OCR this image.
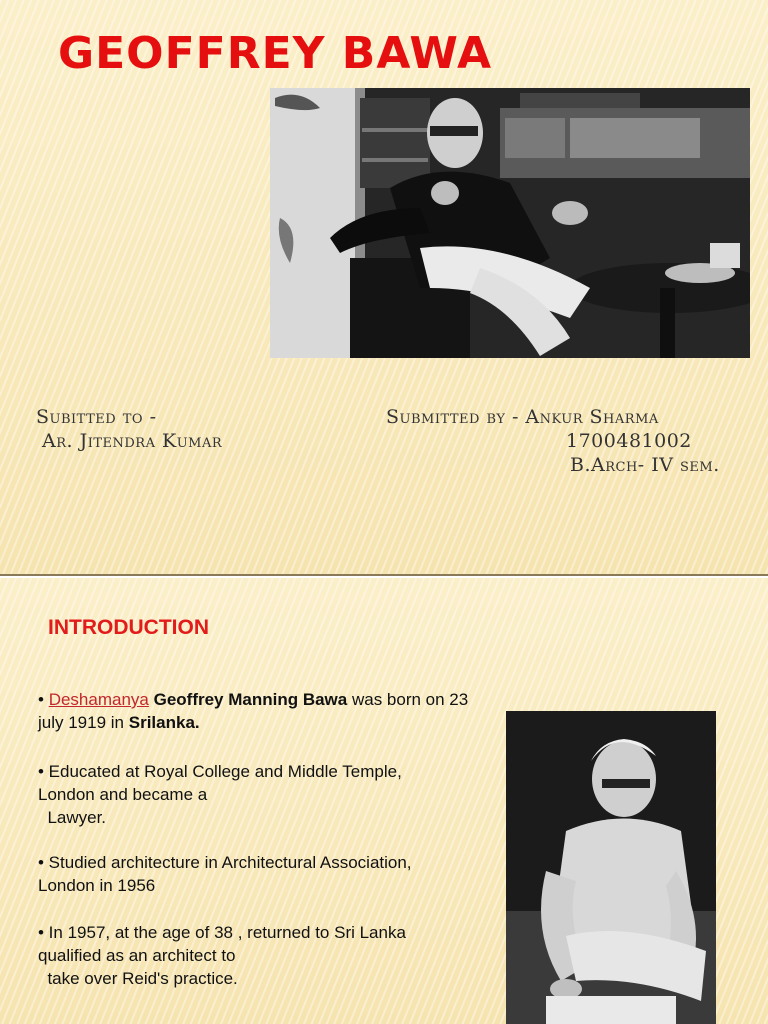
GEOFFREY BAWA
Subitted to -
Ar. Jitendra Kumar
Submitted by - Ankur Sharma
1700481002
B.Arch- IV sem.
INTRODUCTION
• Deshamanya Geoffrey Manning Bawa was born on 23 july 1919 in Srilanka.
• Educated at Royal College and Middle Temple,
London and became a
Lawyer.
• Studied architecture in Architectural Association,
London in 1956
• In 1957, at the age of 38 , returned to Sri Lanka
qualified as an architect to
take over Reid's practice.
